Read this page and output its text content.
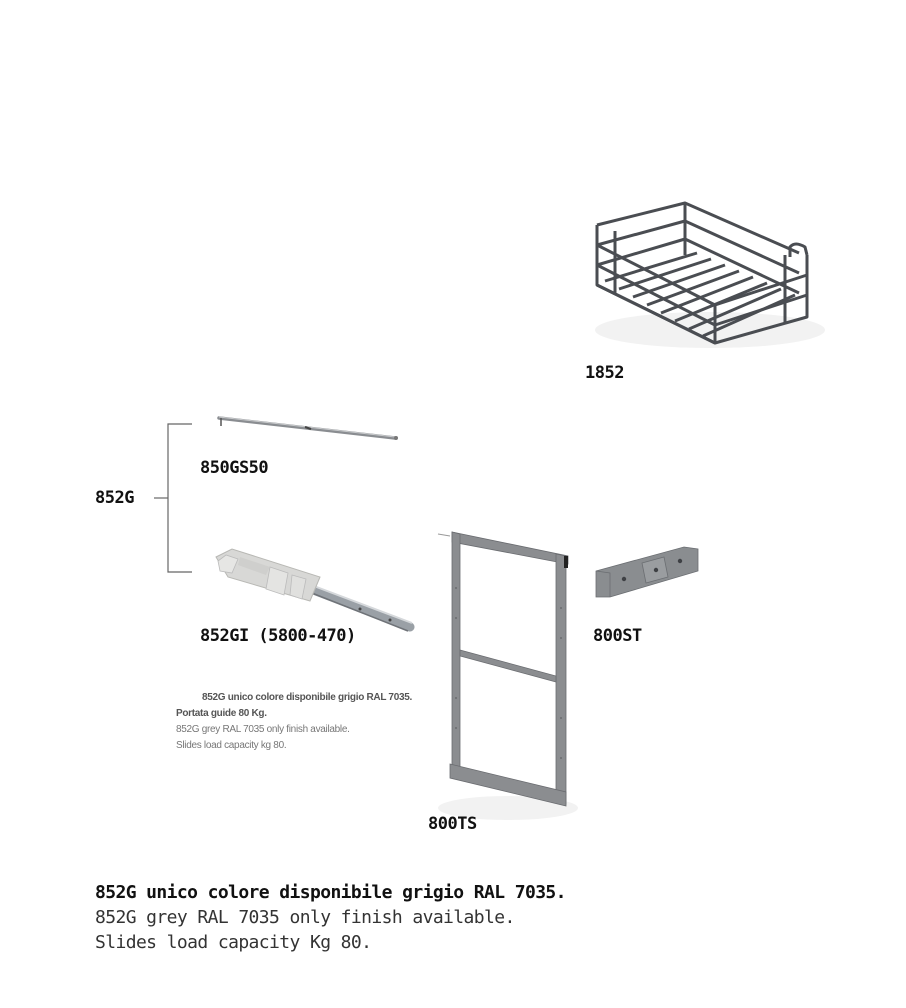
1852
852G
850GS50
852GI (5800-470)
852G unico colore disponibile grigio RAL 7035.
Portata guide 80 Kg.
852G grey RAL 7035 only finish available.
Slides load capacity kg 80.
800TS
800ST
852G unico colore disponibile grigio RAL 7035.
852G grey RAL 7035 only finish available.
Slides load capacity Kg 80.
